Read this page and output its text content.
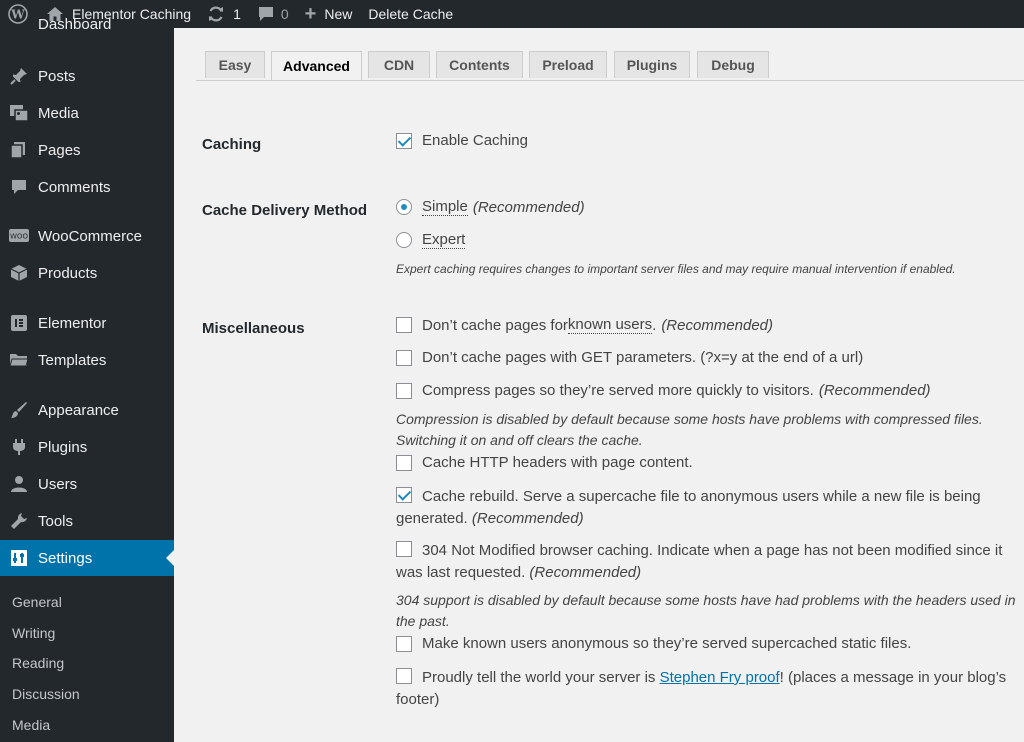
W	Elementor Caching	1	0 + New Delete Cache
Dashboard
Posts
Media
Pages
Comments
WOO WooCommerce
Products
Elementor
Templates
Appearance
Plugins
Users
Tools
Settings
General
Writing
Reading
Discussion
Media
Easy	Advanced	CDN	Contents	Preload	Plugins	Debug
Caching	Enable Caching
Cache Delivery Method	Simple (Recommended)
Expert
Expert caching requires changes to important server files and may require manual intervention if enabled.
Miscellaneous	Don’t cache pages for known users . (Recommended)
Don’t cache pages with GET parameters. (?x=y at the end of a url)
Compress pages so they’re served more quickly to visitors. (Recommended)
Compression is disabled by default because some hosts have problems with compressed files. Switching it on and off clears the cache.
Cache HTTP headers with page content.
Cache rebuild. Serve a supercache file to anonymous users while a new file is being generated. (Recommended)
304 Not Modified browser caching. Indicate when a page has not been modified since it was last requested. (Recommended)
304 support is disabled by default because some hosts have had problems with the headers used in the past.
Make known users anonymous so they’re served supercached static files.
Proudly tell the world your server is Stephen Fry proof! (places a message in your blog’s footer)
